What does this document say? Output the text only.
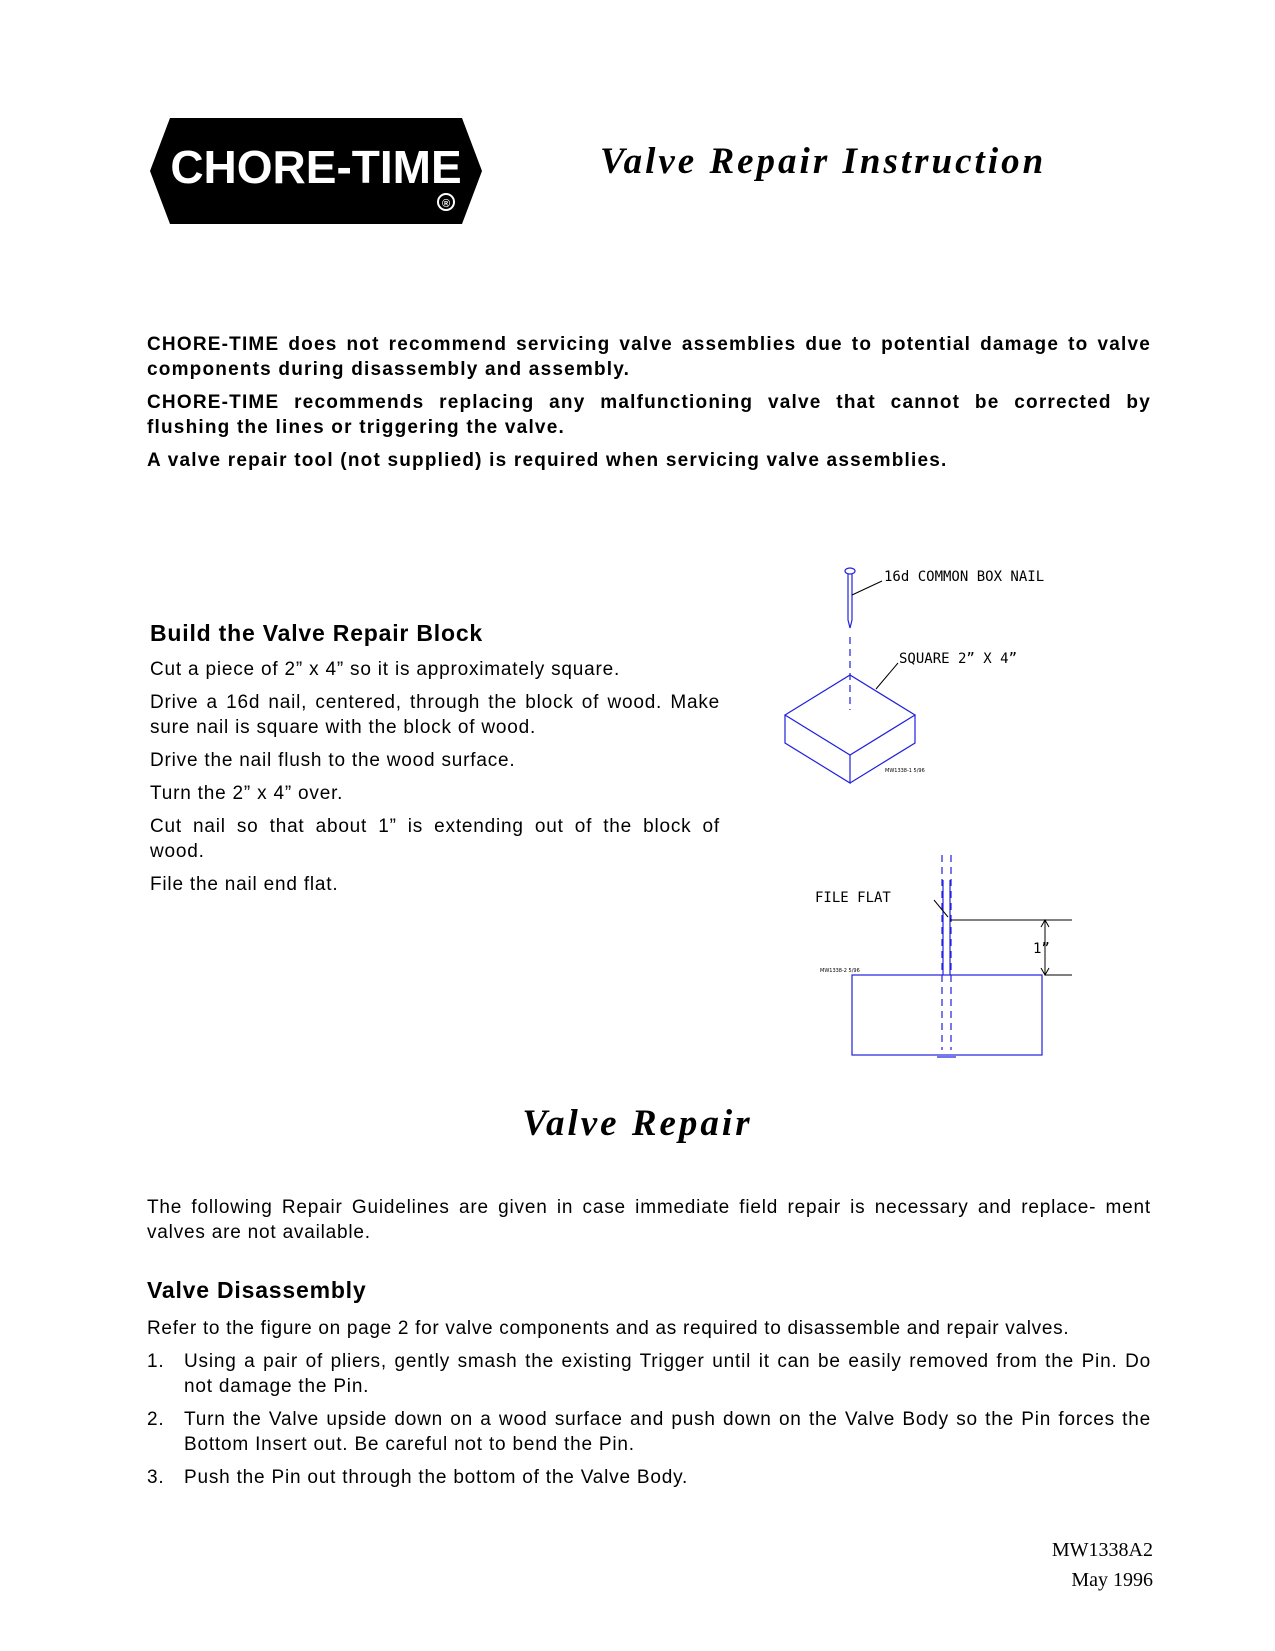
CHORE-TIME
®
Valve Repair Instruction

CHORE-TIME does not recommend servicing valve assemblies due to potential damage to valve components during disassembly and assembly.

CHORE-TIME recommends replacing any malfunctioning valve that cannot be corrected by flushing the lines or triggering the valve.

A valve repair tool (not supplied) is required when servicing valve assemblies.

Build the Valve Repair Block

Cut a piece of 2” x 4” so it is approximately square.

Drive a 16d nail, centered, through the block of wood. Make sure nail is square with the block of wood.

Drive the nail flush to the wood surface.

Turn the 2” x 4” over.

Cut nail so that about 1” is extending out of the block of wood.

File the nail end flat.

16d COMMON BOX NAIL
SQUARE 2” X 4”
MW1338-1 5/96
1”
FILE FLAT
MW1338-2 5/96
Valve Repair

The following Repair Guidelines are given in case immediate field repair is necessary and replace- ment valves are not available.

Valve Disassembly

Refer to the figure on page 2 for valve components and as required to disassemble and repair valves.

1.	Using a pair of pliers, gently smash the existing Trigger until it can be easily removed from the Pin. Do not damage the Pin.
2.	Turn the Valve upside down on a wood surface and push down on the Valve Body so the Pin forces the Bottom Insert out. Be careful not to bend the Pin.
3.	Push the Pin out through the bottom of the Valve Body.
MW1338A2
May 1996
